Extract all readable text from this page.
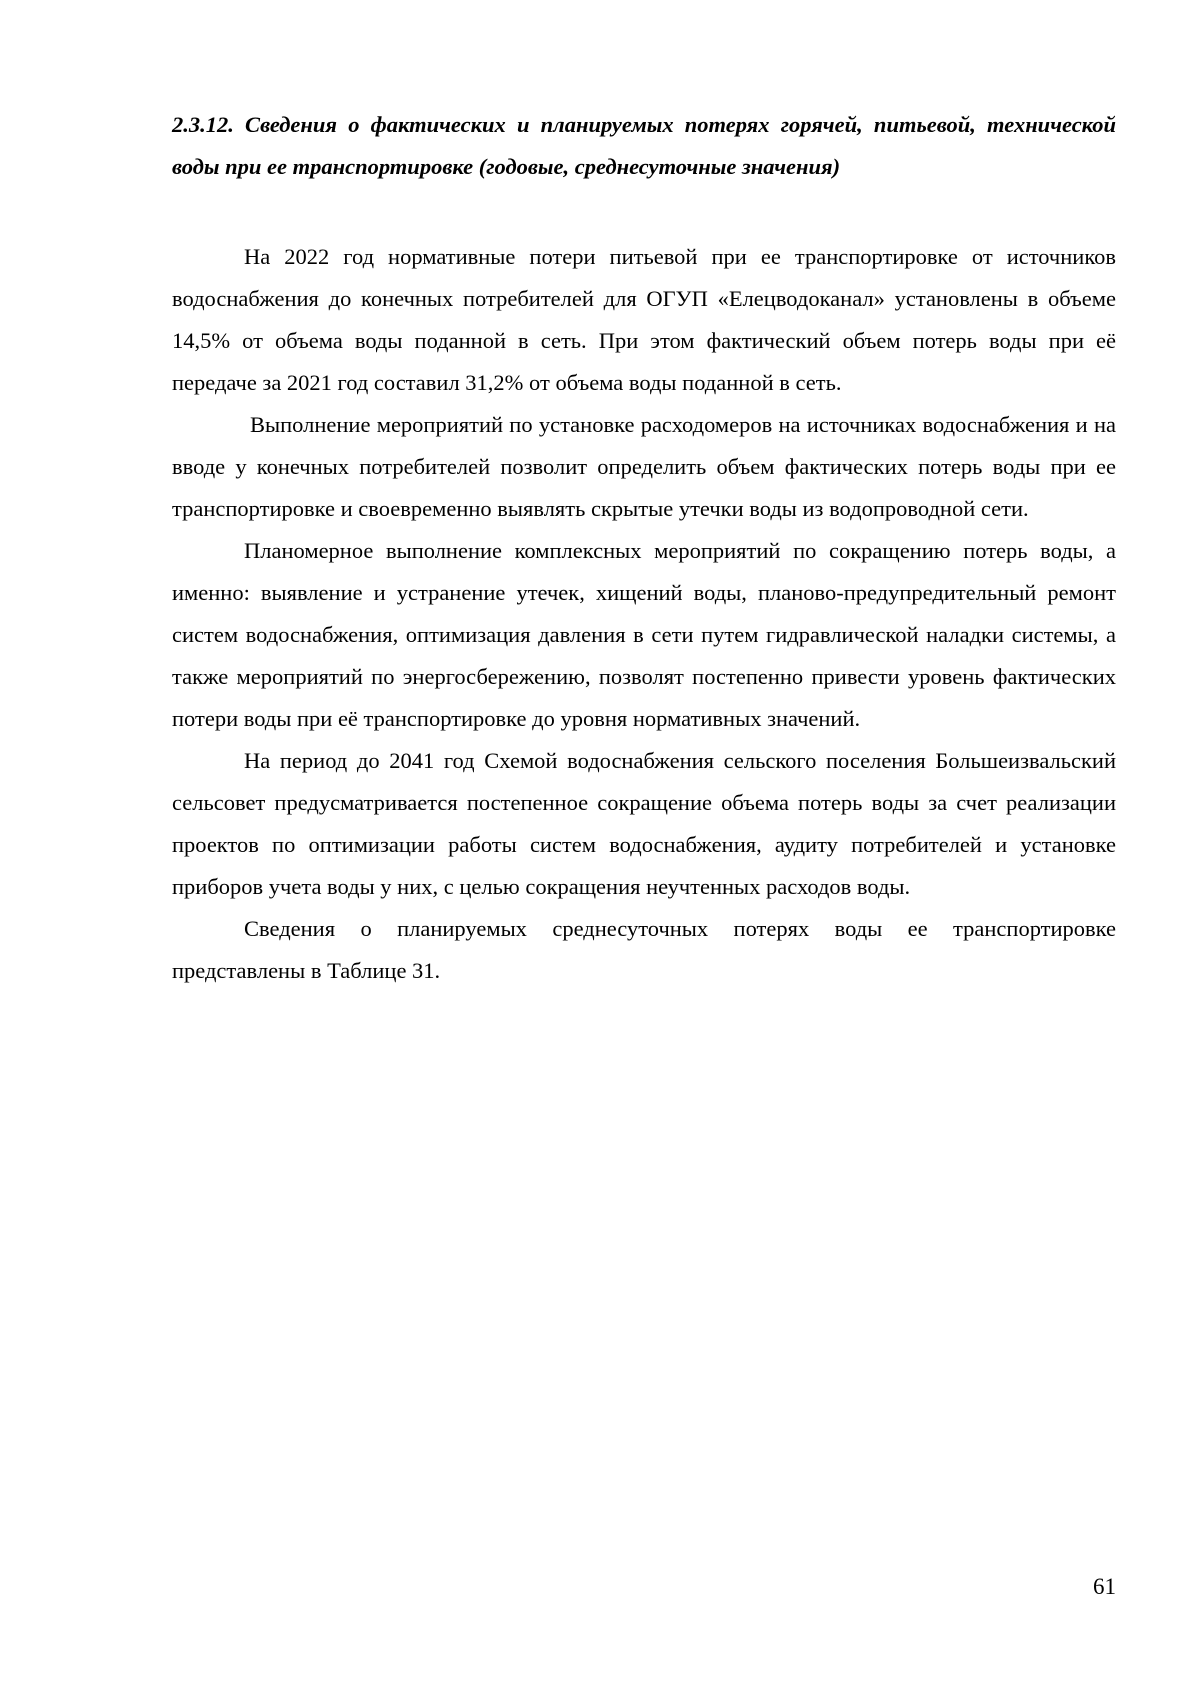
2.3.12. Сведения о фактических и планируемых потерях горячей, питьевой, технической воды при ее транспортировке (годовые, среднесуточные значения)

На 2022 год нормативные потери питьевой при ее транспортировке от источников водоснабжения до конечных потребителей для ОГУП «Елецводоканал» установлены в объеме 14,5% от объема воды поданной в сеть. При этом фактический объем потерь воды при её передаче за 2021 год составил 31,2% от объема воды поданной в сеть.

Выполнение мероприятий по установке расходомеров на источниках водоснабжения и на вводе у конечных потребителей позволит определить объем фактических потерь воды при ее транспортировке и своевременно выявлять скрытые утечки воды из водопроводной сети.

Планомерное выполнение комплексных мероприятий по сокращению потерь воды, а именно: выявление и устранение утечек, хищений воды, планово-предупредительный ремонт систем водоснабжения, оптимизация давления в сети путем гидравлической наладки системы, а также мероприятий по энергосбережению, позволят постепенно привести уровень фактических потери воды при её транспортировке до уровня нормативных значений.

На период до 2041 год Схемой водоснабжения сельского поселения Большеизвальский сельсовет предусматривается постепенное сокращение объема потерь воды за счет реализации проектов по оптимизации работы систем водоснабжения, аудиту потребителей и установке приборов учета воды у них, с целью сокращения неучтенных расходов воды.

Сведения о планируемых среднесуточных потерях воды ее транспортировке представлены в Таблице 31.

61
